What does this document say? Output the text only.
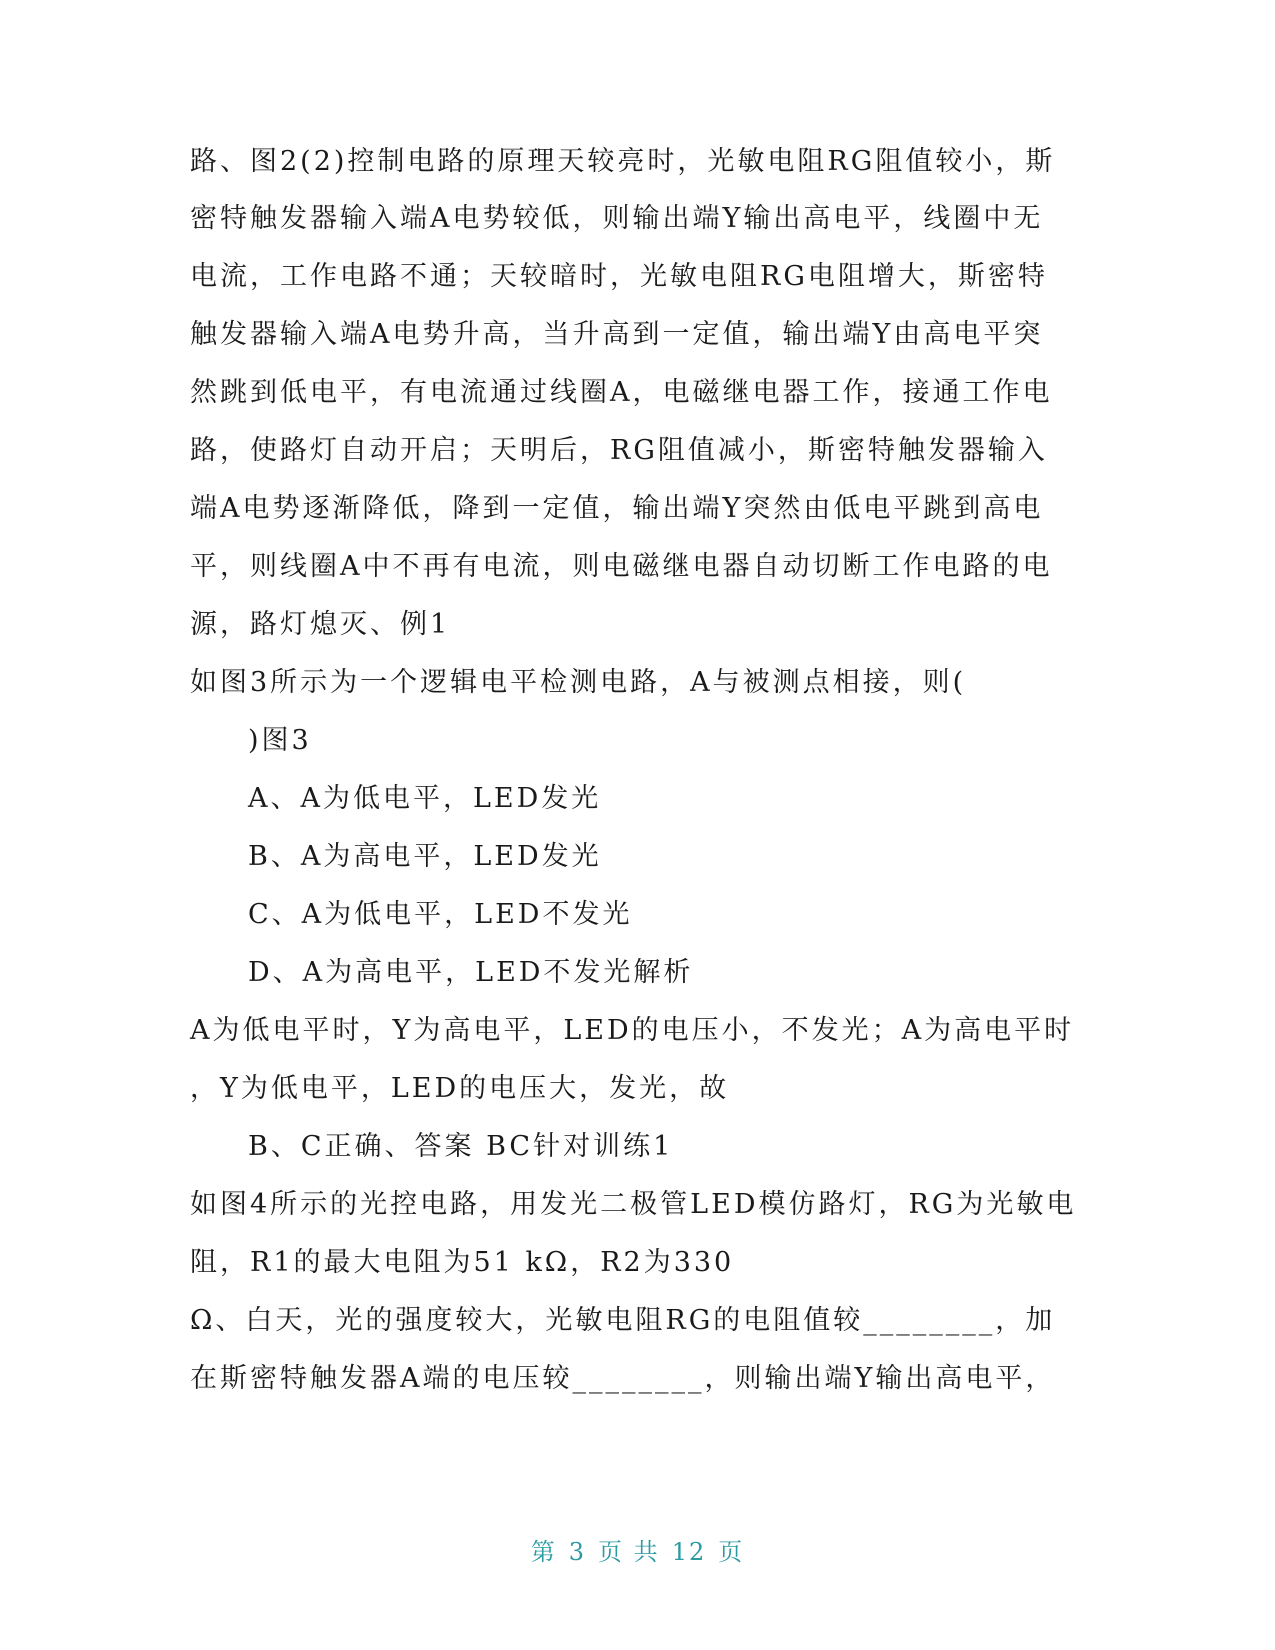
路、图2(2)控制电路的原理天较亮时，光敏电阻RG阻值较小，斯
密特触发器输入端A电势较低，则输出端Y输出高电平，线圈中无
电流，工作电路不通；天较暗时，光敏电阻RG电阻增大，斯密特
触发器输入端A电势升高，当升高到一定值，输出端Y由高电平突
然跳到低电平，有电流通过线圈A，电磁继电器工作，接通工作电
路，使路灯自动开启；天明后，RG阻值减小，斯密特触发器输入
端A电势逐渐降低，降到一定值，输出端Y突然由低电平跳到高电
平，则线圈A中不再有电流，则电磁继电器自动切断工作电路的电
源，路灯熄灭、例1
如图3所示为一个逻辑电平检测电路，A与被测点相接，则(
)图3
A、A为低电平，LED发光
B、A为高电平，LED发光
C、A为低电平，LED不发光
D、A为高电平，LED不发光解析
A为低电平时，Y为高电平，LED的电压小，不发光；A为高电平时
，Y为低电平，LED的电压大，发光，故
B、C正确、答案 BC针对训练1
如图4所示的光控电路，用发光二极管LED模仿路灯，RG为光敏电
阻，R1的最大电阻为51 kΩ，R2为330
Ω、白天，光的强度较大，光敏电阻RG的电阻值较________，加
在斯密特触发器A端的电压较________，则输出端Y输出高电平，
第 3 页 共 12 页
